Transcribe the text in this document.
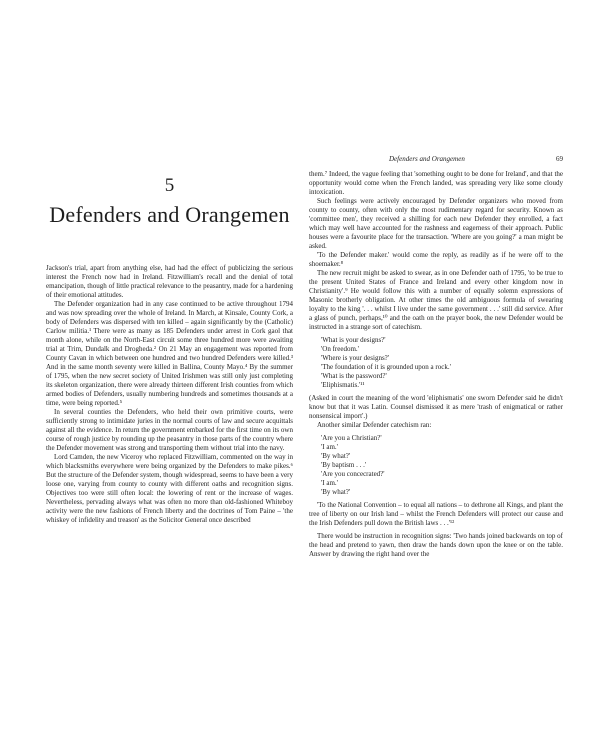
5
Defenders and Orangemen

Jackson's trial, apart from anything else, had had the effect of publicizing the serious interest the French now had in Ireland. Fitzwilliam's recall and the denial of total emancipation, though of little practical relevance to the peasantry, made for a hardening of their emotional attitudes.

The Defender organization had in any case continued to be active throughout 1794 and was now spreading over the whole of Ireland. In March, at Kinsale, County Cork, a body of Defenders was dispersed with ten killed – again significantly by the (Catholic) Carlow militia.¹ There were as many as 185 Defenders under arrest in Cork gaol that month alone, while on the North-East circuit some three hundred more were awaiting trial at Trim, Dundalk and Drogheda.² On 21 May an engagement was reported from County Cavan in which between one hundred and two hundred Defenders were killed.³ And in the same month seventy were killed in Ballina, County Mayo.⁴ By the summer of 1795, when the new secret society of United Irishmen was still only just completing its skeleton organization, there were already thirteen different Irish counties from which armed bodies of Defenders, usually numbering hundreds and sometimes thousands at a time, were being reported.⁵

In several counties the Defenders, who held their own primitive courts, were sufficiently strong to intimidate juries in the normal courts of law and secure acquittals against all the evidence. In return the government embarked for the first time on its own course of rough justice by rounding up the peasantry in those parts of the country where the Defender movement was strong and transporting them without trial into the navy.

Lord Camden, the new Viceroy who replaced Fitzwilliam, commented on the way in which blacksmiths everywhere were being organized by the Defenders to make pikes.⁶ But the structure of the Defender system, though widespread, seems to have been a very loose one, varying from county to county with different oaths and recognition signs. Objectives too were still often local: the lowering of rent or the increase of wages. Nevertheless, pervading always what was often no more than old-fashioned Whiteboy activity were the new fashions of French liberty and the doctrines of Tom Paine – 'the whiskey of infidelity and treason' as the Solicitor General once described

Defenders and Orangemen	69

them.⁷ Indeed, the vague feeling that 'something ought to be done for Ireland', and that the opportunity would come when the French landed, was spreading very like some cloudy intoxication.

Such feelings were actively encouraged by Defender organizers who moved from county to county, often with only the most rudimentary regard for security. Known as 'committee men', they received a shilling for each new Defender they enrolled, a fact which may well have accounted for the rashness and eagerness of their approach. Public houses were a favourite place for the transaction. 'Where are you going?' a man might be asked.

'To the Defender maker.' would come the reply, as readily as if he were off to the shoemaker.⁸

The new recruit might be asked to swear, as in one Defender oath of 1795, 'to be true to the present United States of France and Ireland and every other kingdom now in Christianity'.⁹ He would follow this with a number of equally solemn expressions of Masonic brotherly obligation. At other times the old ambiguous formula of swearing loyalty to the king '. . . whilst I live under the same government . . .' still did service. After a glass of punch, perhaps,¹⁰ and the oath on the prayer book, the new Defender would be instructed in a strange sort of catechism.

'What is your designs?'
'On freedom.'
'Where is your designs?'
'The foundation of it is grounded upon a rock.'
'What is the password?'
'Eliphismatis.'¹¹

(Asked in court the meaning of the word 'eliphismatis' one sworn Defender said he didn't know but that it was Latin. Counsel dismissed it as mere 'trash of enigmatical or rather nonsensical import'.)

Another similar Defender catechism ran:

'Are you a Christian?'
'I am.'
'By what?'
'By baptism . . .'
'Are you concecrated?'
'I am.'
'By what?'

'To the National Convention – to equal all nations – to dethrone all Kings, and plant the tree of liberty on our Irish land – whilst the French Defenders will protect our cause and the Irish Defenders pull down the British laws . . .'¹²

There would be instruction in recognition signs: 'Two hands joined backwards on top of the head and pretend to yawn, then draw the hands down upon the knee or on the table. Answer by drawing the right hand over the
